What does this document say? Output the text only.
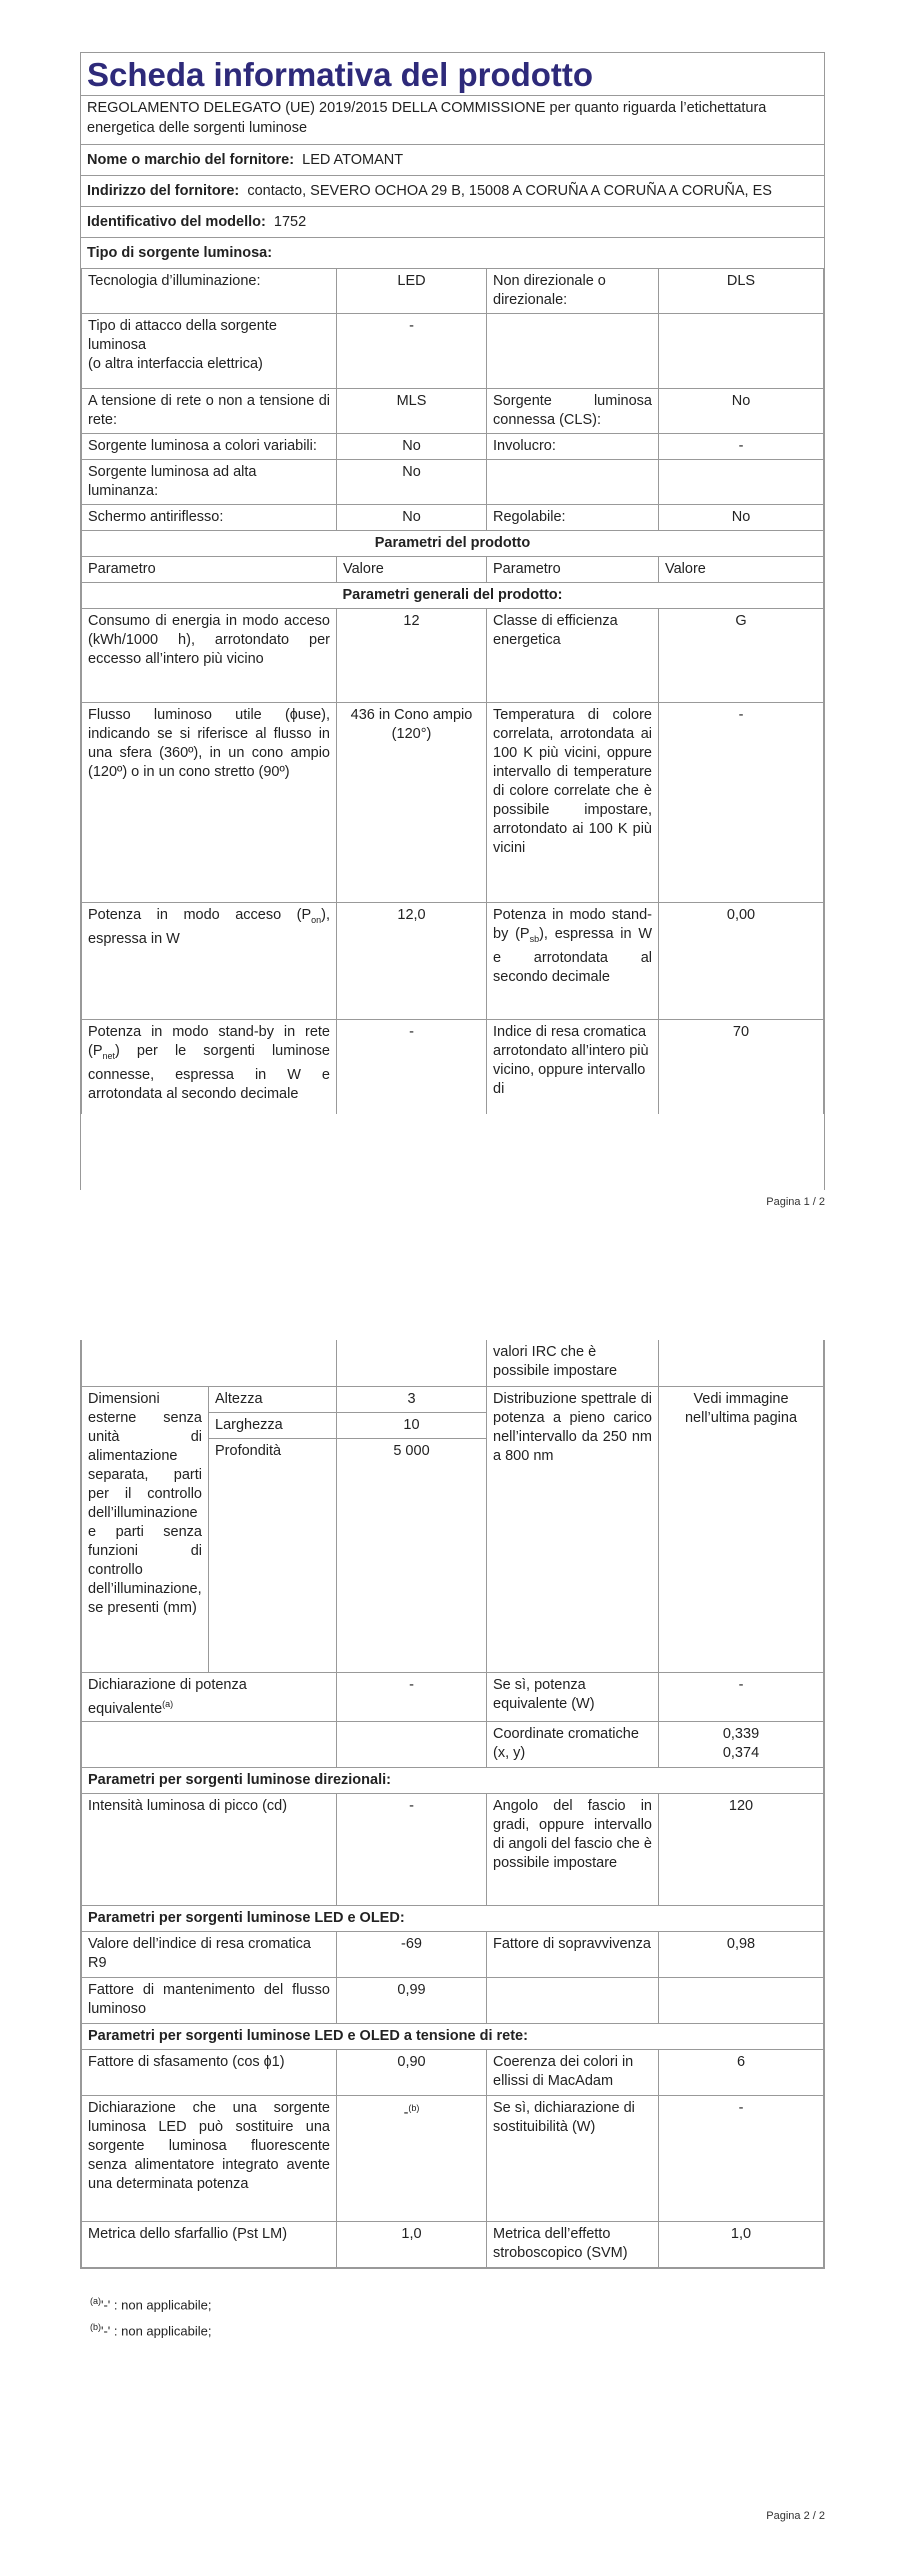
Scheda informativa del prodotto
REGOLAMENTO DELEGATO (UE) 2019/2015 DELLA COMMISSIONE per quanto riguarda l’etichettatura energetica delle sorgenti luminose
Nome o marchio del fornitore: LED ATOMANT
Indirizzo del fornitore: contacto, SEVERO OCHOA 29 B, 15008 A CORUÑA A CORUÑA A CORUÑA, ES
Identificativo del modello: 1752
Tipo di sorgente luminosa:
Tecnologia d’illuminazione:	LED	Non direzionale o direzionale:	DLS

Tipo di attacco della sorgente luminosa
(o altra interfaccia elettrica)	-		
A tensione di rete o non a tensione di rete:	MLS	Sorgente luminosa connessa (CLS):	No
Sorgente luminosa a colori variabili:	No	Involucro:	-
Sorgente luminosa ad alta luminanza:	No		
Schermo antiriflesso:	No	Regolabile:	No
Parametri del prodotto			
Parametro	Valore	Parametro	Valore
Parametri generali del prodotto:			
Consumo di energia in modo acceso (kWh/1000 h), arrotondato per eccesso all’intero più vicino	12	Classe di efficienza energetica	G
Flusso luminoso utile (ɸuse), indicando se si riferisce al flusso in una sfera (360º), in un cono ampio (120º) o in un cono stretto (90º)	436 in Cono ampio (120°)	Temperatura di colore correlata, arrotondata ai 100 K più vicini, oppure intervallo di temperature di colore correlate che è possibile impostare, arrotondato ai 100 K più vicini	-
Potenza in modo acceso $(P_{on})$, espressa in W	12,0	Potenza in modo stand-by $(P_{sb})$, espressa in W e arrotondata al secondo decimale	0,00
Potenza in modo stand-by in rete $(P_{net})$ per le sorgenti luminose connesse, espressa in W e arrotondata al secondo decimale	-	Indice di resa cromatica arrotondato all’intero più vicino, oppure intervallo di	70
Pagina 1 / 2
			valori IRC che è possibile impostare	
Dimensioni esterne senza unità di alimentazione separata, parti per il controllo dell’illuminazione e parti senza funzioni di controllo dell’illuminazione, se presenti (mm)	Altezza	3	Distribuzione spettrale di potenza a pieno carico nell’intervallo da 250 nm a 800 nm	Vedi immagine nell’ultima pagina
	Larghezza	10		
	Profondità	5 000		
Dichiarazione di potenza equivalente$^{(a)}$		-	Se sì, potenza equivalente (W)	-
			Coordinate cromatiche (x, y)	0,339
0,374

Parametri per sorgenti luminose direzionali:				
Intensità luminosa di picco (cd)		-	Angolo del fascio in gradi, oppure intervallo di angoli del fascio che è possibile impostare	120
Parametri per sorgenti luminose LED e OLED:				
Valore dell’indice di resa cromatica R9		-69	Fattore di sopravvivenza	0,98
Fattore di mantenimento del flusso luminoso		0,99		
Parametri per sorgenti luminose LED e OLED a tensione di rete:				
Fattore di sfasamento (cos ɸ1)		0,90	Coerenza dei colori in ellissi di MacAdam	6
Dichiarazione che una sorgente luminosa LED può sostituire una sorgente luminosa fluorescente senza alimentatore integrato avente una determinata potenza		-$^{(b)}$	Se sì, dichiarazione di sostituibilità (W)	-
Metrica dello sfarfallio (Pst LM)		1,0	Metrica dell’effetto stroboscopico (SVM)	1,0
$^{(a)}$'-' : non applicabile;
$^{(b)}$'-' : non applicabile;
Pagina 2 / 2
